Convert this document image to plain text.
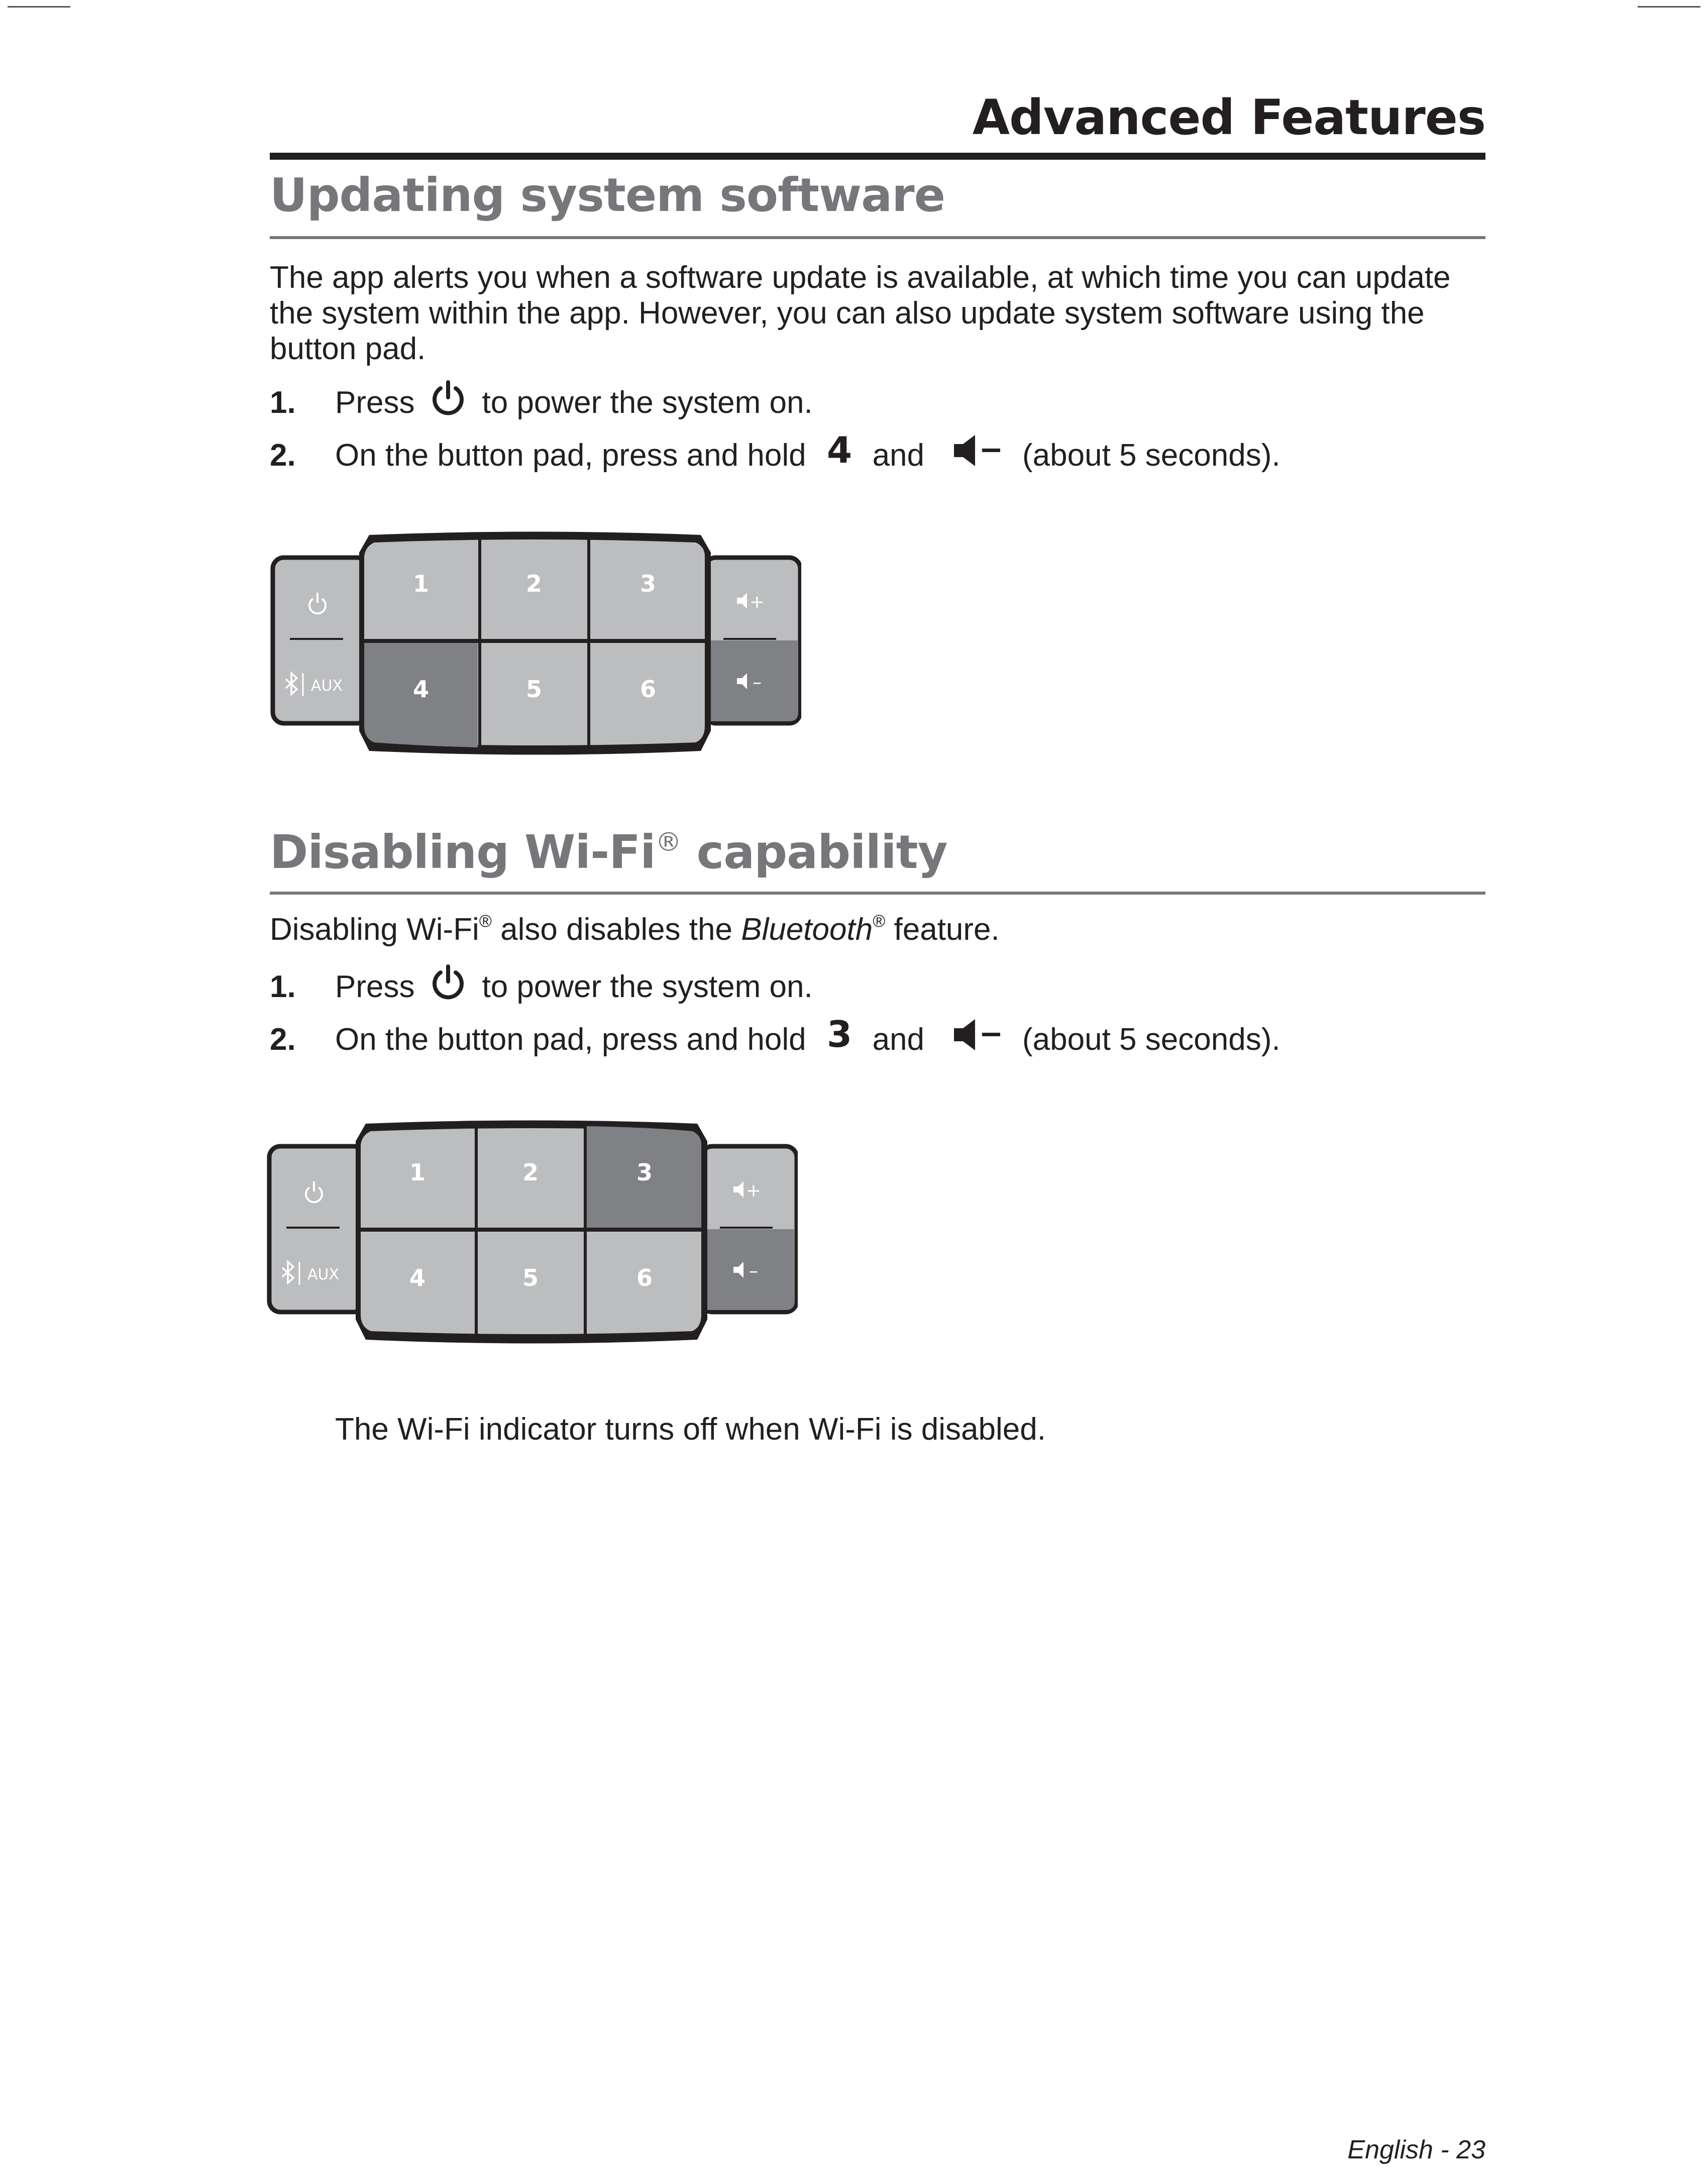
Advanced Features
Updating system software
The app alerts you when a software update is available, at which time you can update the system within the app. However, you can also update system software using the button pad.
1.	Press to power the system on.
2.	On the button pad, press and hold 4 and	(about 5 seconds).
1	2	3
4	5	6
AUX
+
–
Disabling Wi-Fi® capability
Disabling Wi-Fi® also disables the Bluetooth® feature.
1.	Press to power the system on.
2.	On the button pad, press and hold 3 and	(about 5 seconds).
1	2	3
4	5	6
AUX
+
–
The Wi-Fi indicator turns off when Wi-Fi is disabled.
English - 23
